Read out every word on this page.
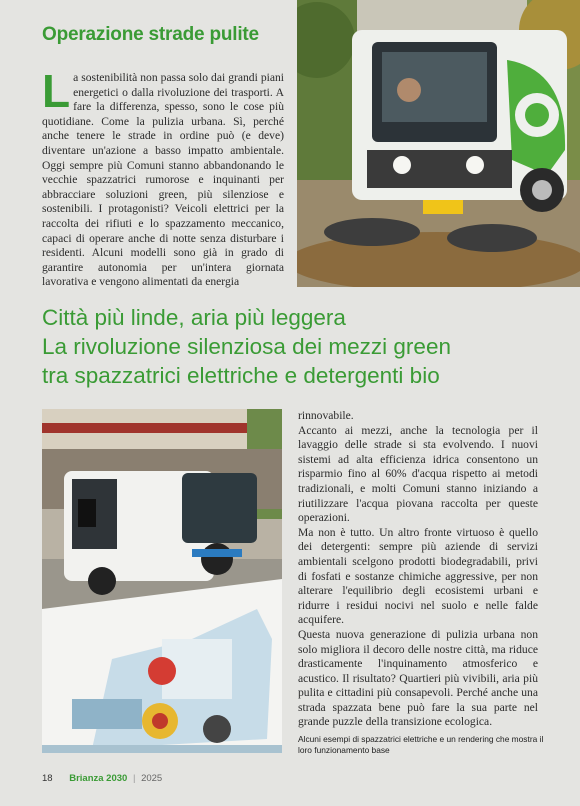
Operazione strade pulite
L a sostenibilità non passa solo dai grandi piani energetici o dalla rivoluzione dei trasporti. A fare la differenza, spesso, sono le cose più quotidiane. Come la pulizia urbana. Sì, perché anche tenere le strade in ordine può (e deve) diventare un'azione a basso impatto ambientale. Oggi sempre più Comuni stanno abbandonando le vecchie spazzatrici rumorose e inquinanti per abbracciare soluzioni green, più silenziose e sostenibili. I protagonisti? Veicoli elettrici per la raccolta dei rifiuti e lo spazzamento meccanico, capaci di operare anche di notte senza disturbare i residenti. Alcuni modelli sono già in grado di garantire autonomia per un'intera giornata lavorativa e vengono alimentati da energia
Città più linde, aria più leggera
La rivoluzione silenziosa dei mezzi green
tra spazzatrici elettriche e detergenti bio

rinnovabile.

Accanto ai mezzi, anche la tecnologia per il lavaggio delle strade si sta evolvendo. I nuovi sistemi ad alta efficienza idrica consentono un risparmio fino al 60% d'acqua rispetto ai metodi tradizionali, e molti Comuni stanno iniziando a riutilizzare l'acqua piovana raccolta per queste operazioni.

Ma non è tutto. Un altro fronte virtuoso è quello dei detergenti: sempre più aziende di servizi ambientali scelgono prodotti biodegradabili, privi di fosfati e sostanze chimiche aggressive, per non alterare l'equilibrio degli ecosistemi urbani e ridurre i residui nocivi nel suolo e nelle falde acquifere.

Questa nuova generazione di pulizia urbana non solo migliora il decoro delle nostre città, ma riduce drasticamente l'inquinamento atmosferico e acustico. Il risultato? Quartieri più vivibili, aria più pulita e cittadini più consapevoli. Perché anche una strada spazzata bene può fare la sua parte nel grande puzzle della transizione ecologica.

Alcuni esempi di spazzatrici elettriche e un rendering che mostra il loro funzionamento base
18 Brianza 2030 | 2025
